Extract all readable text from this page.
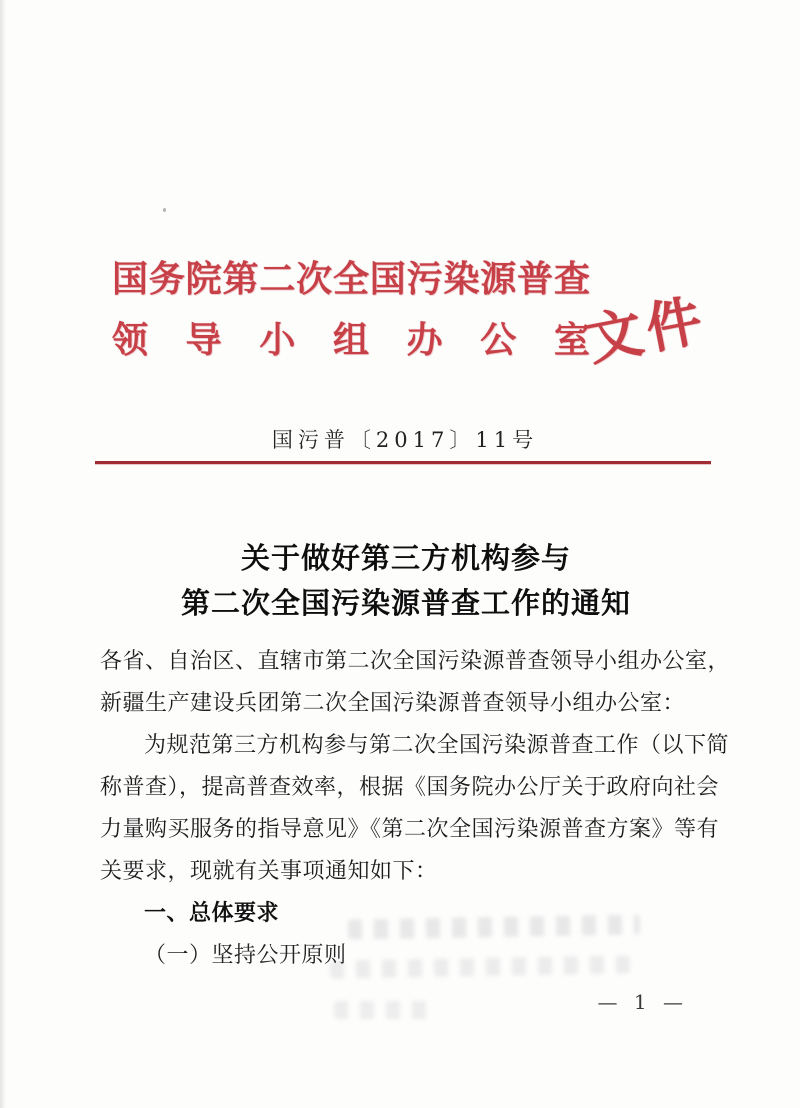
国 务 院 第 二 次 全 国 污 染 源 普 查
领 导 小 组 办 公 室
文件
国污普〔2017〕11号
关于做好第三方机构参与
第二次全国污染源普查工作的通知
各省、自治区、直辖市第二次全国污染源普查领导小组办公室，
新疆生产建设兵团第二次全国污染源普查领导小组办公室：
为规范第三方机构参与第二次全国污染源普查工作（以下简
称普查），提高普查效率，根据《国务院办公厅关于政府向社会
力量购买服务的指导意见》《第二次全国污染源普查方案》等有
关要求，现就有关事项通知如下：
一、总体要求
（一）坚持公开原则
— 1 —
